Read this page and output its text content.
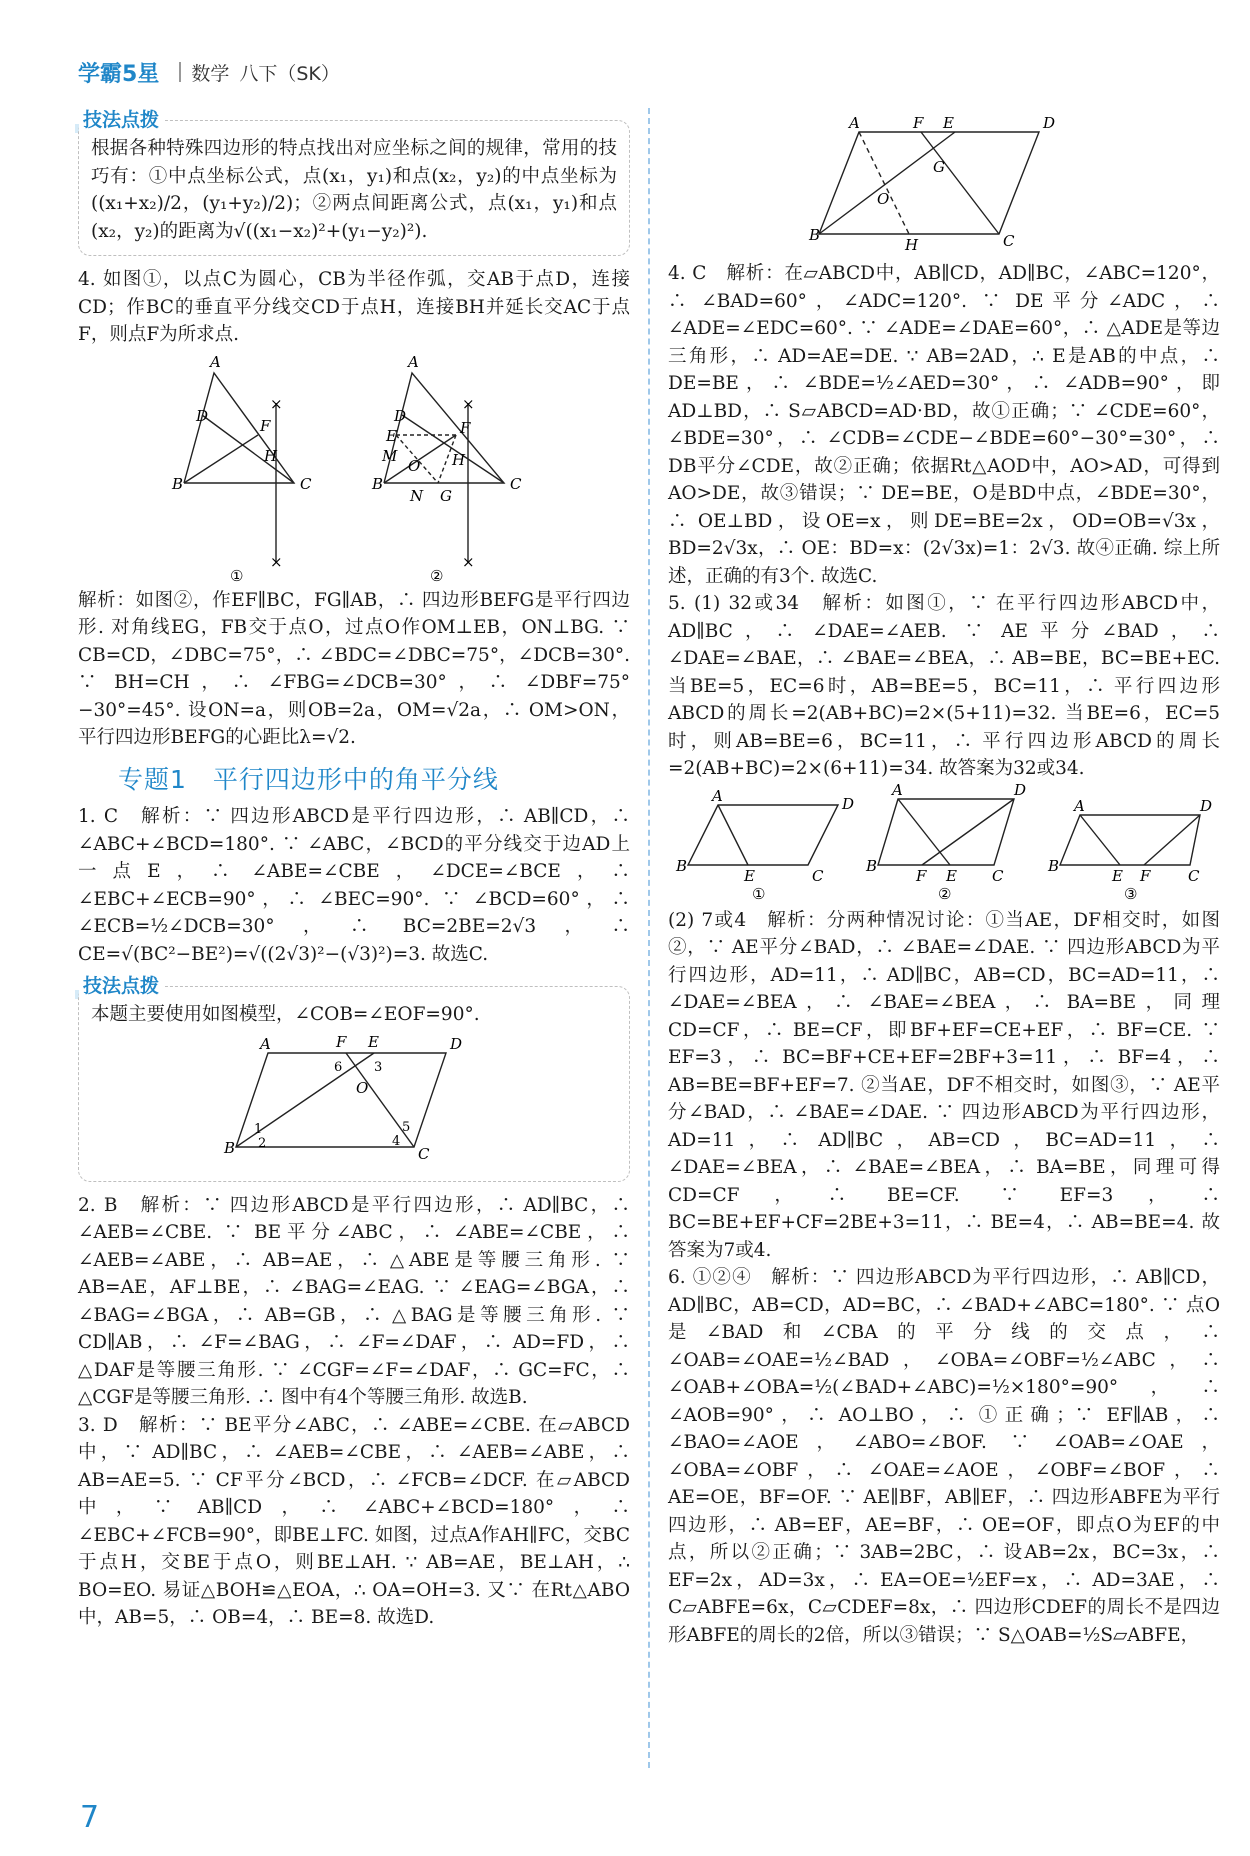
学霸5星 数学 八下（SK）
技法点拨

根据各种特殊四边形的特点找出对应坐标之间的规律，常用的技巧有：①中点坐标公式，点(x₁，y₁)和点(x₂，y₂)的中点坐标为((x₁+x₂)/2，(y₁+y₂)/2)；②两点间距离公式，点(x₁，y₁)和点(x₂，y₂)的距离为√((x₁−x₂)²+(y₁−y₂)²).

4. 如图①，以点C为圆心，CB为半径作弧，交AB于点D，连接CD；作BC的垂直平分线交CD于点H，连接BH并延长交AC于点F，则点F为所求点.

A
D
F
H
B	C
×
×
①
A
D
E	F
M
O H
B
N G
C
×
×
②

解析：如图②，作EF∥BC，FG∥AB，∴ 四边形BEFG是平行四边形. 对角线EG，FB交于点O，过点O作OM⊥EB，ON⊥BG. ∵ CB=CD，∠DBC=75°，∴ ∠BDC=∠DBC=75°，∠DCB=30°. ∵ BH=CH，∴ ∠FBG=∠DCB=30°，∴ ∠DBF=75°−30°=45°. 设ON=a，则OB=2a，OM=√2a，∴ OM>ON，平行四边形BEFG的心距比λ=√2.

专题1　平行四边形中的角平分线

1. C　解析：∵ 四边形ABCD是平行四边形，∴ AB∥CD，∴ ∠ABC+∠BCD=180°. ∵ ∠ABC，∠BCD的平分线交于边AD上一点E，∴ ∠ABE=∠CBE，∠DCE=∠BCE，∴ ∠EBC+∠ECB=90°，∴ ∠BEC=90°. ∵ ∠BCD=60°，∴ ∠ECB=½∠DCB=30°，∴ BC=2BE=2√3，∴ CE=√(BC²−BE²)=√((2√3)²−(√3)²)=3. 故选C.

技法点拨

本题主要使用如图模型，∠COB=∠EOF=90°.

A	F E	D
O
B	C
6 3
1
2	4
5

2. B　解析：∵ 四边形ABCD是平行四边形，∴ AD∥BC，∴ ∠AEB=∠CBE. ∵ BE平分∠ABC，∴ ∠ABE=∠CBE，∴ ∠AEB=∠ABE，∴ AB=AE，∴ △ABE是等腰三角形. ∵ AB=AE，AF⊥BE，∴ ∠BAG=∠EAG. ∵ ∠EAG=∠BGA，∴ ∠BAG=∠BGA，∴ AB=GB，∴ △BAG是等腰三角形. ∵ CD∥AB，∴ ∠F=∠BAG，∴ ∠F=∠DAF，∴ AD=FD，∴ △DAF是等腰三角形. ∵ ∠CGF=∠F=∠DAF，∴ GC=FC，∴ △CGF是等腰三角形. ∴ 图中有4个等腰三角形. 故选B.

3. D　解析：∵ BE平分∠ABC，∴ ∠ABE=∠CBE. 在▱ABCD中，∵ AD∥BC，∴ ∠AEB=∠CBE，∴ ∠AEB=∠ABE，∴ AB=AE=5. ∵ CF平分∠BCD，∴ ∠FCB=∠DCF. 在▱ABCD中，∵ AB∥CD，∴ ∠ABC+∠BCD=180°，∴ ∠EBC+∠FCB=90°，即BE⊥FC. 如图，过点A作AH∥FC，交BC于点H，交BE于点O，则BE⊥AH. ∵ AB=AE，BE⊥AH，∴ BO=EO. 易证△BOH≌△EOA，∴ OA=OH=3. 又∵ 在Rt△ABO中，AB=5，∴ OB=4，∴ BE=8. 故选D.

A	F E	D
G
O
B
H	C

4. C　解析：在▱ABCD中，AB∥CD，AD∥BC，∠ABC=120°，∴ ∠BAD=60°，∠ADC=120°. ∵ DE平分∠ADC，∴ ∠ADE=∠EDC=60°. ∵ ∠ADE=∠DAE=60°，∴ △ADE是等边三角形，∴ AD=AE=DE. ∵ AB=2AD，∴ E是AB的中点，∴ DE=BE，∴ ∠BDE=½∠AED=30°，∴ ∠ADB=90°，即AD⊥BD，∴ S▱ABCD=AD·BD，故①正确；∵ ∠CDE=60°，∠BDE=30°，∴ ∠CDB=∠CDE−∠BDE=60°−30°=30°，∴ DB平分∠CDE，故②正确；依据Rt△AOD中，AO>AD，可得到AO>DE，故③错误；∵ DE=BE，O是BD中点，∠BDE=30°，∴ OE⊥BD，设OE=x，则DE=BE=2x，OD=OB=√3x，BD=2√3x，∴ OE：BD=x：(2√3x)=1：2√3. 故④正确. 综上所述，正确的有3个. 故选C.

5. (1) 32或34　解析：如图①，∵ 在平行四边形ABCD中，AD∥BC，∴ ∠DAE=∠AEB. ∵ AE平分∠BAD，∴ ∠DAE=∠BAE，∴ ∠BAE=∠BEA，∴ AB=BE，BC=BE+EC. 当BE=5，EC=6时，AB=BE=5，BC=11，∴ 平行四边形ABCD的周长=2(AB+BC)=2×(5+11)=32. 当BE=6，EC=5时，则AB=BE=6，BC=11，∴ 平行四边形ABCD的周长=2(AB+BC)=2×(6+11)=34. 故答案为32或34.

A	D
B
E	C
①
A	D
B
F E C
②
A	D
B
E F	C
③

(2) 7或4　解析：分两种情况讨论：①当AE，DF相交时，如图②，∵ AE平分∠BAD，∴ ∠BAE=∠DAE. ∵ 四边形ABCD为平行四边形，AD=11，∴ AD∥BC，AB=CD，BC=AD=11，∴ ∠DAE=∠BEA，∴ ∠BAE=∠BEA，∴ BA=BE，同理CD=CF，∴ BE=CF，即BF+EF=CE+EF，∴ BF=CE. ∵ EF=3，∴ BC=BF+CE+EF=2BF+3=11，∴ BF=4，∴ AB=BE=BF+EF=7. ②当AE，DF不相交时，如图③，∵ AE平分∠BAD，∴ ∠BAE=∠DAE. ∵ 四边形ABCD为平行四边形，AD=11，∴ AD∥BC，AB=CD，BC=AD=11，∴ ∠DAE=∠BEA，∴ ∠BAE=∠BEA，∴ BA=BE，同理可得CD=CF，∴ BE=CF. ∵ EF=3，∴ BC=BE+EF+CF=2BE+3=11，∴ BE=4，∴ AB=BE=4. 故答案为7或4.

6. ①②④　解析：∵ 四边形ABCD为平行四边形，∴ AB∥CD，AD∥BC，AB=CD，AD=BC，∴ ∠BAD+∠ABC=180°. ∵ 点O是∠BAD和∠CBA的平分线的交点，∴ ∠OAB=∠OAE=½∠BAD，∠OBA=∠OBF=½∠ABC，∴ ∠OAB+∠OBA=½(∠BAD+∠ABC)=½×180°=90°，∴ ∠AOB=90°，∴ AO⊥BO，∴ ①正确；∵ EF∥AB，∴ ∠BAO=∠AOE，∠ABO=∠BOF. ∵ ∠OAB=∠OAE，∠OBA=∠OBF，∴ ∠OAE=∠AOE，∠OBF=∠BOF，∴ AE=OE，BF=OF. ∵ AE∥BF，AB∥EF，∴ 四边形ABFE为平行四边形，∴ AB=EF，AE=BF，∴ OE=OF，即点O为EF的中点，所以②正确；∵ 3AB=2BC，∴ 设AB=2x，BC=3x，∴ EF=2x，AD=3x，∴ EA=OE=½EF=x，∴ AD=3AE，∴ C▱ABFE=6x，C▱CDEF=8x，∴ 四边形CDEF的周长不是四边形ABFE的周长的2倍，所以③错误；∵ S△OAB=½S▱ABFE，

7
